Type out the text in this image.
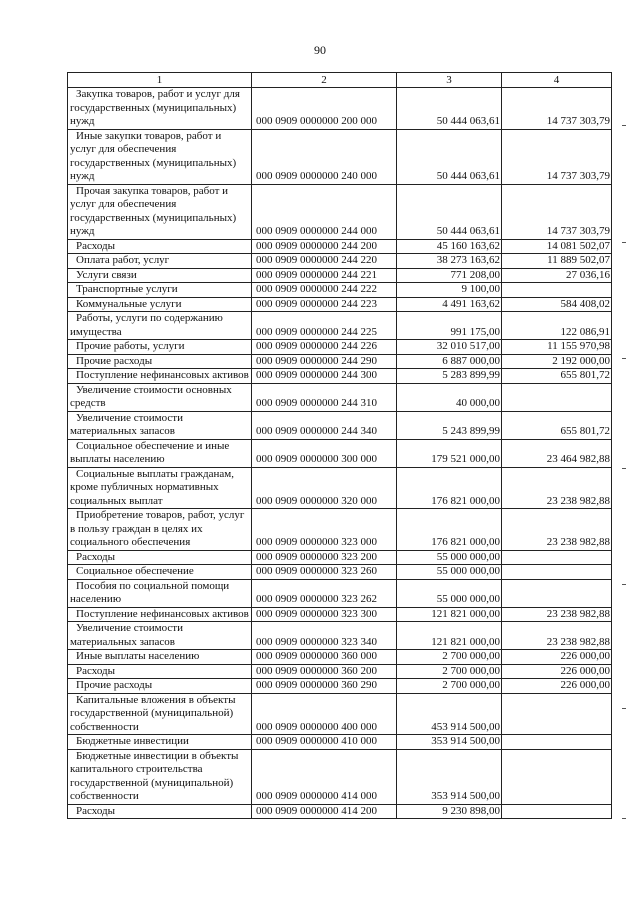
90
1	2	3	4
Закупка товаров, работ и услуг для государственных (муниципальных) нужд	000 0909 0000000 200 000	50 444 063,61	14 737 303,79
Иные закупки товаров, работ и услуг для обеспечения государственных (муниципальных) нужд	000 0909 0000000 240 000	50 444 063,61	14 737 303,79
Прочая закупка товаров, работ и услуг для обеспечения государственных (муниципальных) нужд	000 0909 0000000 244 000	50 444 063,61	14 737 303,79
Расходы	000 0909 0000000 244 200	45 160 163,62	14 081 502,07
Оплата работ, услуг	000 0909 0000000 244 220	38 273 163,62	11 889 502,07
Услуги связи	000 0909 0000000 244 221	771 208,00	27 036,16
Транспортные услуги	000 0909 0000000 244 222	9 100,00	
Коммунальные услуги	000 0909 0000000 244 223	4 491 163,62	584 408,02
Работы, услуги по содержанию имущества	000 0909 0000000 244 225	991 175,00	122 086,91
Прочие работы, услуги	000 0909 0000000 244 226	32 010 517,00	11 155 970,98
Прочие расходы	000 0909 0000000 244 290	6 887 000,00	2 192 000,00
Поступление нефинансовых активов	000 0909 0000000 244 300	5 283 899,99	655 801,72
Увеличение стоимости основных средств	000 0909 0000000 244 310	40 000,00	
Увеличение стоимости материальных запасов	000 0909 0000000 244 340	5 243 899,99	655 801,72
Социальное обеспечение и иные выплаты населению	000 0909 0000000 300 000	179 521 000,00	23 464 982,88
Социальные выплаты гражданам, кроме публичных нормативных социальных выплат	000 0909 0000000 320 000	176 821 000,00	23 238 982,88
Приобретение товаров, работ, услуг в пользу граждан в целях их социального обеспечения	000 0909 0000000 323 000	176 821 000,00	23 238 982,88
Расходы	000 0909 0000000 323 200	55 000 000,00	
Социальное обеспечение	000 0909 0000000 323 260	55 000 000,00	
Пособия по социальной помощи населению	000 0909 0000000 323 262	55 000 000,00	
Поступление нефинансовых активов	000 0909 0000000 323 300	121 821 000,00	23 238 982,88
Увеличение стоимости материальных запасов	000 0909 0000000 323 340	121 821 000,00	23 238 982,88
Иные выплаты населению	000 0909 0000000 360 000	2 700 000,00	226 000,00
Расходы	000 0909 0000000 360 200	2 700 000,00	226 000,00
Прочие расходы	000 0909 0000000 360 290	2 700 000,00	226 000,00
Капитальные вложения в объекты государственной (муниципальной) собственности	000 0909 0000000 400 000	453 914 500,00	
Бюджетные инвестиции	000 0909 0000000 410 000	353 914 500,00	
Бюджетные инвестиции в объекты капитального строительства государственной (муниципальной) собственности	000 0909 0000000 414 000	353 914 500,00	
Расходы	000 0909 0000000 414 200	9 230 898,00	
